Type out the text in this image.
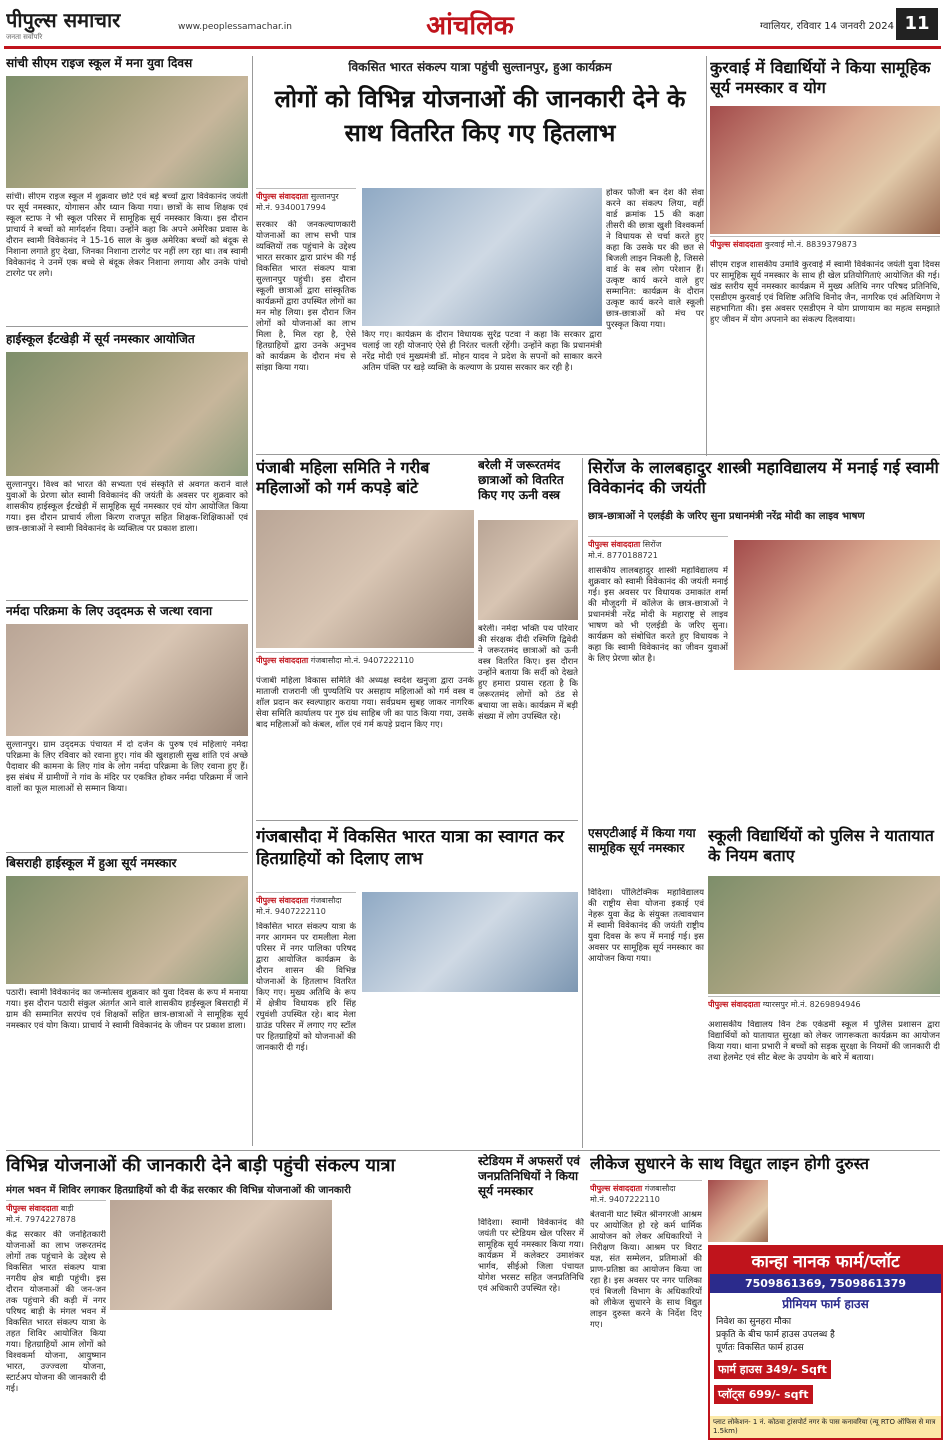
पीपुल्स समाचार
जनता सर्वोपरि
www.peoplessamachar.in	आंचलिक	ग्वालियर, रविवार 14 जनवरी 2024 11
सांची सीएम राइज स्कूल में मना युवा दिवस
सांची। सीएम राइज स्कूल में शुक्रवार छोटे एवं बड़े बच्चों द्वारा विवेकानंद जयंती पर सूर्य नमस्कार, योगासन और ध्यान किया गया। छात्रों के साथ शिक्षक एवं स्कूल स्टाफ ने भी स्कूल परिसर में सामूहिक सूर्य नमस्कार किया। इस दौरान प्राचार्य ने बच्चों को मार्गदर्शन दिया। उन्होंने कहा कि अपने अमेरिका प्रवास के दौरान स्वामी विवेकानंद ने 15-16 साल के कुछ अमेरिका बच्चों को बंदूक से निशाना लगाते हुए देखा, जिनका निशाना टारगेट पर नहीं लग रहा था। तब स्वामी विवेकानंद ने उनमें एक बच्चे से बंदूक लेकर निशाना लगाया और उनके पांचो टारगेट पर लगे।
हाईस्कूल ईंटखेड़ी में सूर्य नमस्कार आयोजित
सुल्तानपुर। विश्व को भारत की सभ्यता एवं संस्कृति से अवगत कराने वाले युवाओं के प्रेरणा स्रोत स्वामी विवेकानंद की जयंती के अवसर पर शुक्रवार को शासकीय हाईस्कूल ईंटखेड़ी में सामूहिक सूर्य नमस्कार एवं योग आयोजित किया गया। इस दौरान प्राचार्य लीला किरण राजपूत सहित शिक्षक-शिक्षिकाओं एवं छात्र-छात्राओं ने स्वामी विवेकानंद के व्यक्तित्व पर प्रकाश डाला।
नर्मदा परिक्रमा के लिए उद्‌दमऊ से जत्था रवाना
सुल्तानपुर। ग्राम उद्‌दमऊ पंचायत में दो दर्जन के पुरुष एवं महिलाएं नर्मदा परिक्रमा के लिए रविवार को रवाना हुए। गांव की खुशहाली सुख शांति एवं अच्छे पैदावार की कामना के लिए गांव के लोग नर्मदा परिक्रमा के लिए रवाना हुए हैं। इस संबंध में ग्रामीणों ने गांव के मंदिर पर एकत्रित होकर नर्मदा परिक्रमा में जाने वालों का फूल मालाओं से सम्मान किया।
बिसराही हाईस्कूल में हुआ सूर्य नमस्कार
पठारी। स्वामी विवेकानंद का जन्मोत्सव शुक्रवार को युवा दिवस के रूप में मनाया गया। इस दौरान पठारी संकुल अंतर्गत आने वाले शासकीय हाईस्कूल बिसराही में ग्राम की सम्मानित सरपंच एवं शिक्षकों सहित छात्र-छात्राओं ने सामूहिक सूर्य नमस्कार एवं योग किया। प्राचार्य ने स्वामी विवेकानंद के जीवन पर प्रकाश डाला।
विकसित भारत संकल्प यात्रा पहुंची सुल्तानपुर, हुआ कार्यक्रम
लोगों को विभिन्न योजनाओं की जानकारी देने के साथ वितरित किए गए हितलाभ
पीपुल्स संवाददाता सुल्तानपुर
मो.नं. 9340017994
सरकार की जनकल्याणकारी योजनाओं का लाभ सभी पात्र व्यक्तियों तक पहुंचाने के उद्देश्य भारत सरकार द्वारा प्रारंभ की गई विकसित भारत संकल्प यात्रा सुल्तानपुर पहुंची। इस दौरान स्कूली छात्राओं द्वारा सांस्कृतिक कार्यक्रमों द्वारा उपस्थित लोगों का मन मोह लिया। इस दौरान जिन लोगों को योजनाओं का लाभ मिला है, मिल रहा है, ऐसे हितग्राहियों द्वारा उनके अनुभव को कार्यक्रम के दौरान मंच से सांझा किया गया।
किए गए। कार्यक्रम के दौरान विधायक सुरेंद्र पटवा ने कहा कि सरकार द्वारा चलाई जा रही योजनाएं ऐसे ही निरंतर चलती रहेंगी। उन्होंने कहा कि प्रधानमंत्री नरेंद्र मोदी एवं मुख्यमंत्री डॉ. मोहन यादव ने प्रदेश के सपनों को साकार करने अतिम पंक्ति पर खड़े व्यक्ति के कल्याण के प्रयास सरकार कर रही है।
होकर फौजी बन देश की सेवा करने का संकल्प लिया, वहीं वार्ड क्रमांक 15 की कक्षा तीसरी की छात्रा खुशी विश्वकर्मा ने विधायक से चर्चा करते हुए कहा कि उसके घर की छत से बिजली लाइन निकली है, जिससे वार्ड के सब लोग परेशान हैं। उत्कृष्ट कार्य करने वाले हुए सम्मानित: कार्यक्रम के दौरान उत्कृष्ट कार्य करने वाले स्कूली छात्र-छात्राओं को मंच पर पुरस्कृत किया गया।
कुरवाई में विद्यार्थियों ने किया सामूहिक सूर्य नमस्कार व योग
पीपुल्स संवाददाता कुरवाई मो.नं. 8839379873
सीएम राइज शासकीय उमावि कुरवाई में स्वामी विवेकानंद जयंती युवा दिवस पर सामूहिक सूर्य नमस्कार के साथ ही खेल प्रतियोगिताएं आयोजित की गई। खंड स्तरीय सूर्य नमस्कार कार्यक्रम में मुख्य अतिथि नगर परिषद प्रतिनिधि, एसडीएम कुरवाई एवं विशिष्ट अतिथि विनोद जैन, नागरिक एवं अतिथिगण ने सहभागिता की। इस अवसर एसडीएम ने योग प्राणायाम का महत्व समझाते हुए जीवन में योग अपनाने का संकल्प दिलवाया।
पंजाबी महिला समिति ने गरीब महिलाओं को गर्म कपड़े बांटे
पीपुल्स संवाददाता गंजबासौदा मो.नं. 9407222110
पंजाबी महिला विकास समिति की अध्यक्ष स्वदेश खनुजा द्वारा उनके माताजी राजरानी जी पुण्यतिथि पर असहाय महिलाओं को गर्म वस्त्र व शॉल प्रदान कर स्वल्पाहार कराया गया। सर्वप्रथम सुबह जाकर नागरिक सेवा समिति कार्यालय पर गुरु ग्रंथ साहिब जी का पाठ किया गया, उसके बाद महिलाओं को कंबल, शॉल एवं गर्म कपड़े प्रदान किए गए।
बरेली में जरूरतमंद छात्राओं को वितरित किए गए ऊनी वस्त्र
बरेली। नर्मदा भक्ति पथ परिवार की संरक्षक दीदी रश्मिणि द्विवेदी ने जरूरतमंद छात्राओं को ऊनी वस्त्र वितरित किए। इस दौरान उन्होंने बताया कि सर्दी को देखते हुए हमारा प्रयास रहता है कि जरूरतमंद लोगों को ठंड से बचाया जा सके। कार्यक्रम में बड़ी संख्या में लोग उपस्थित रहे।
सिरोंज के लालबहादुर शास्त्री महाविद्यालय में मनाई गई स्वामी विवेकानंद की जयंती
छात्र-छात्राओं ने एलईडी के जरिए सुना प्रधानमंत्री नरेंद्र मोदी का लाइव भाषण
पीपुल्स संवाददाता सिरोंज
मो.नं. 8770188721
शासकीय लालबहादुर शास्त्री महाविद्यालय में शुक्रवार को स्वामी विवेकानंद की जयंती मनाई गई। इस अवसर पर विधायक उमाकांत शर्मा की मौजूदगी में कॉलेज के छात्र-छात्राओं ने प्रधानमंत्री नरेंद्र मोदी के महाराष्ट्र से लाइव भाषण को भी एलईडी के जरिए सुना। कार्यक्रम को संबोधित करते हुए विधायक ने कहा कि स्वामी विवेकानंद का जीवन युवाओं के लिए प्रेरणा स्रोत है।
गंजबासौदा में विकसित भारत यात्रा का स्वागत कर हितग्राहियों को दिलाए लाभ
पीपुल्स संवाददाता गंजबासौदा
मो.नं. 9407222110
विकसित भारत संकल्प यात्रा के नगर आगमन पर रामलीला मेला परिसर में नगर पालिका परिषद द्वारा आयोजित कार्यक्रम के दौरान शासन की विभिन्न योजनाओं के हितलाभ वितरित किए गए। मुख्य अतिथि के रूप में क्षेत्रीय विधायक हरि सिंह रघुवंशी उपस्थित रहे। बाद मेला ग्राउंड परिसर में लगाए गए स्टॉल पर हितग्राहियों को योजनाओं की जानकारी दी गई।
एसएटीआई में किया गया सामूहिक सूर्य नमस्कार
विदिशा। पॉलिटेक्निक महाविद्यालय की राष्ट्रीय सेवा योजना इकाई एवं नेहरू युवा केंद्र के संयुक्त तत्वावधान में स्वामी विवेकानंद की जयंती राष्ट्रीय युवा दिवस के रूप में मनाई गई। इस अवसर पर सामूहिक सूर्य नमस्कार का आयोजन किया गया।
स्कूली विद्यार्थियों को पुलिस ने यातायात के नियम बताए
पीपुल्स संवाददाता ग्यारसपुर मो.नं. 8269894946
अशासकीय विद्यालय विन टेक एकेडमी स्कूल में पुलिस प्रशासन द्वारा विद्यार्थियों को यातायात सुरक्षा को लेकर जागरूकता कार्यक्रम का आयोजन किया गया। थाना प्रभारी ने बच्चों को सड़क सुरक्षा के नियमों की जानकारी दी तथा हेलमेट एवं सीट बेल्ट के उपयोग के बारे में बताया।
विभिन्न योजनाओं की जानकारी देने बाड़ी पहुंची संकल्प यात्रा
मंगल भवन में शिविर लगाकर हितग्राहियों को दी केंद्र सरकार की विभिन्न योजनाओं की जानकारी
पीपुल्स संवाददाता बाड़ी
मो.नं. 7974227878
केंद्र सरकार की जनहितकारी योजनाओं का लाभ जरूरतमंद लोगों तक पहुंचाने के उद्देश्य से विकसित भारत संकल्प यात्रा नगरीय क्षेत्र बाड़ी पहुंची। इस दौरान योजनाओं की जन-जन तक पहुंचाने की कड़ी में नगर परिषद बाड़ी के मंगल भवन में विकसित भारत संकल्प यात्रा के तहत शिविर आयोजित किया गया। हितग्राहियों आम लोगों को विश्वकर्मा योजना, आयुष्मान भारत, उज्ज्वला योजना, स्टार्टअप योजना की जानकारी दी गई।
स्टेडियम में अफसरों एवं जनप्रतिनिधियों ने किया सूर्य नमस्कार
विदिशा। स्वामी विवेकानंद की जयंती पर स्टेडियम खेल परिसर में सामूहिक सूर्य नमस्कार किया गया। कार्यक्रम में कलेक्टर उमाशंकर भार्गव, सीईओ जिला पंचायत योगेश भरसट सहित जनप्रतिनिधि एवं अधिकारी उपस्थित रहे।
लीकेज सुधारने के साथ विद्युत लाइन होगी दुरुस्त
पीपुल्स संवाददाता गंजबासौदा
मो.नं. 9407222110
बेतवानी घाट स्थित श्रीनगरजी आश्रम पर आयोजित हो रहे कर्म धार्मिक आयोजन को लेकर अधिकारियों ने निरीक्षण किया। आश्रम पर विराट यज्ञ, संत सम्मेलन, प्रतिमाओं की प्राण-प्रतिष्ठा का आयोजन किया जा रहा है। इस अवसर पर नगर पालिका एवं बिजली विभाग के अधिकारियों को लीकेज सुधारने के साथ विद्युत लाइन दुरुस्त करने के निर्देश दिए गए।
कान्हा नानक फार्म/प्लॉट
7509861369, 7509861379
प्रीमियम फार्म हाउस
निवेश का सुनहरा मौका
प्रकृति के बीच फार्म हाउस उपलब्ध है
पूर्णतः विकसित फार्म हाउस
फार्म हाउस 349/- Sqft प्लॉट्स 699/- sqft
प्लाट लोकेशन- 1 नं. कोठवा ट्रांसपोर्ट नगर के पास कनावरिया (न्यू RTO ऑफिस से मात्र 1.5km)
